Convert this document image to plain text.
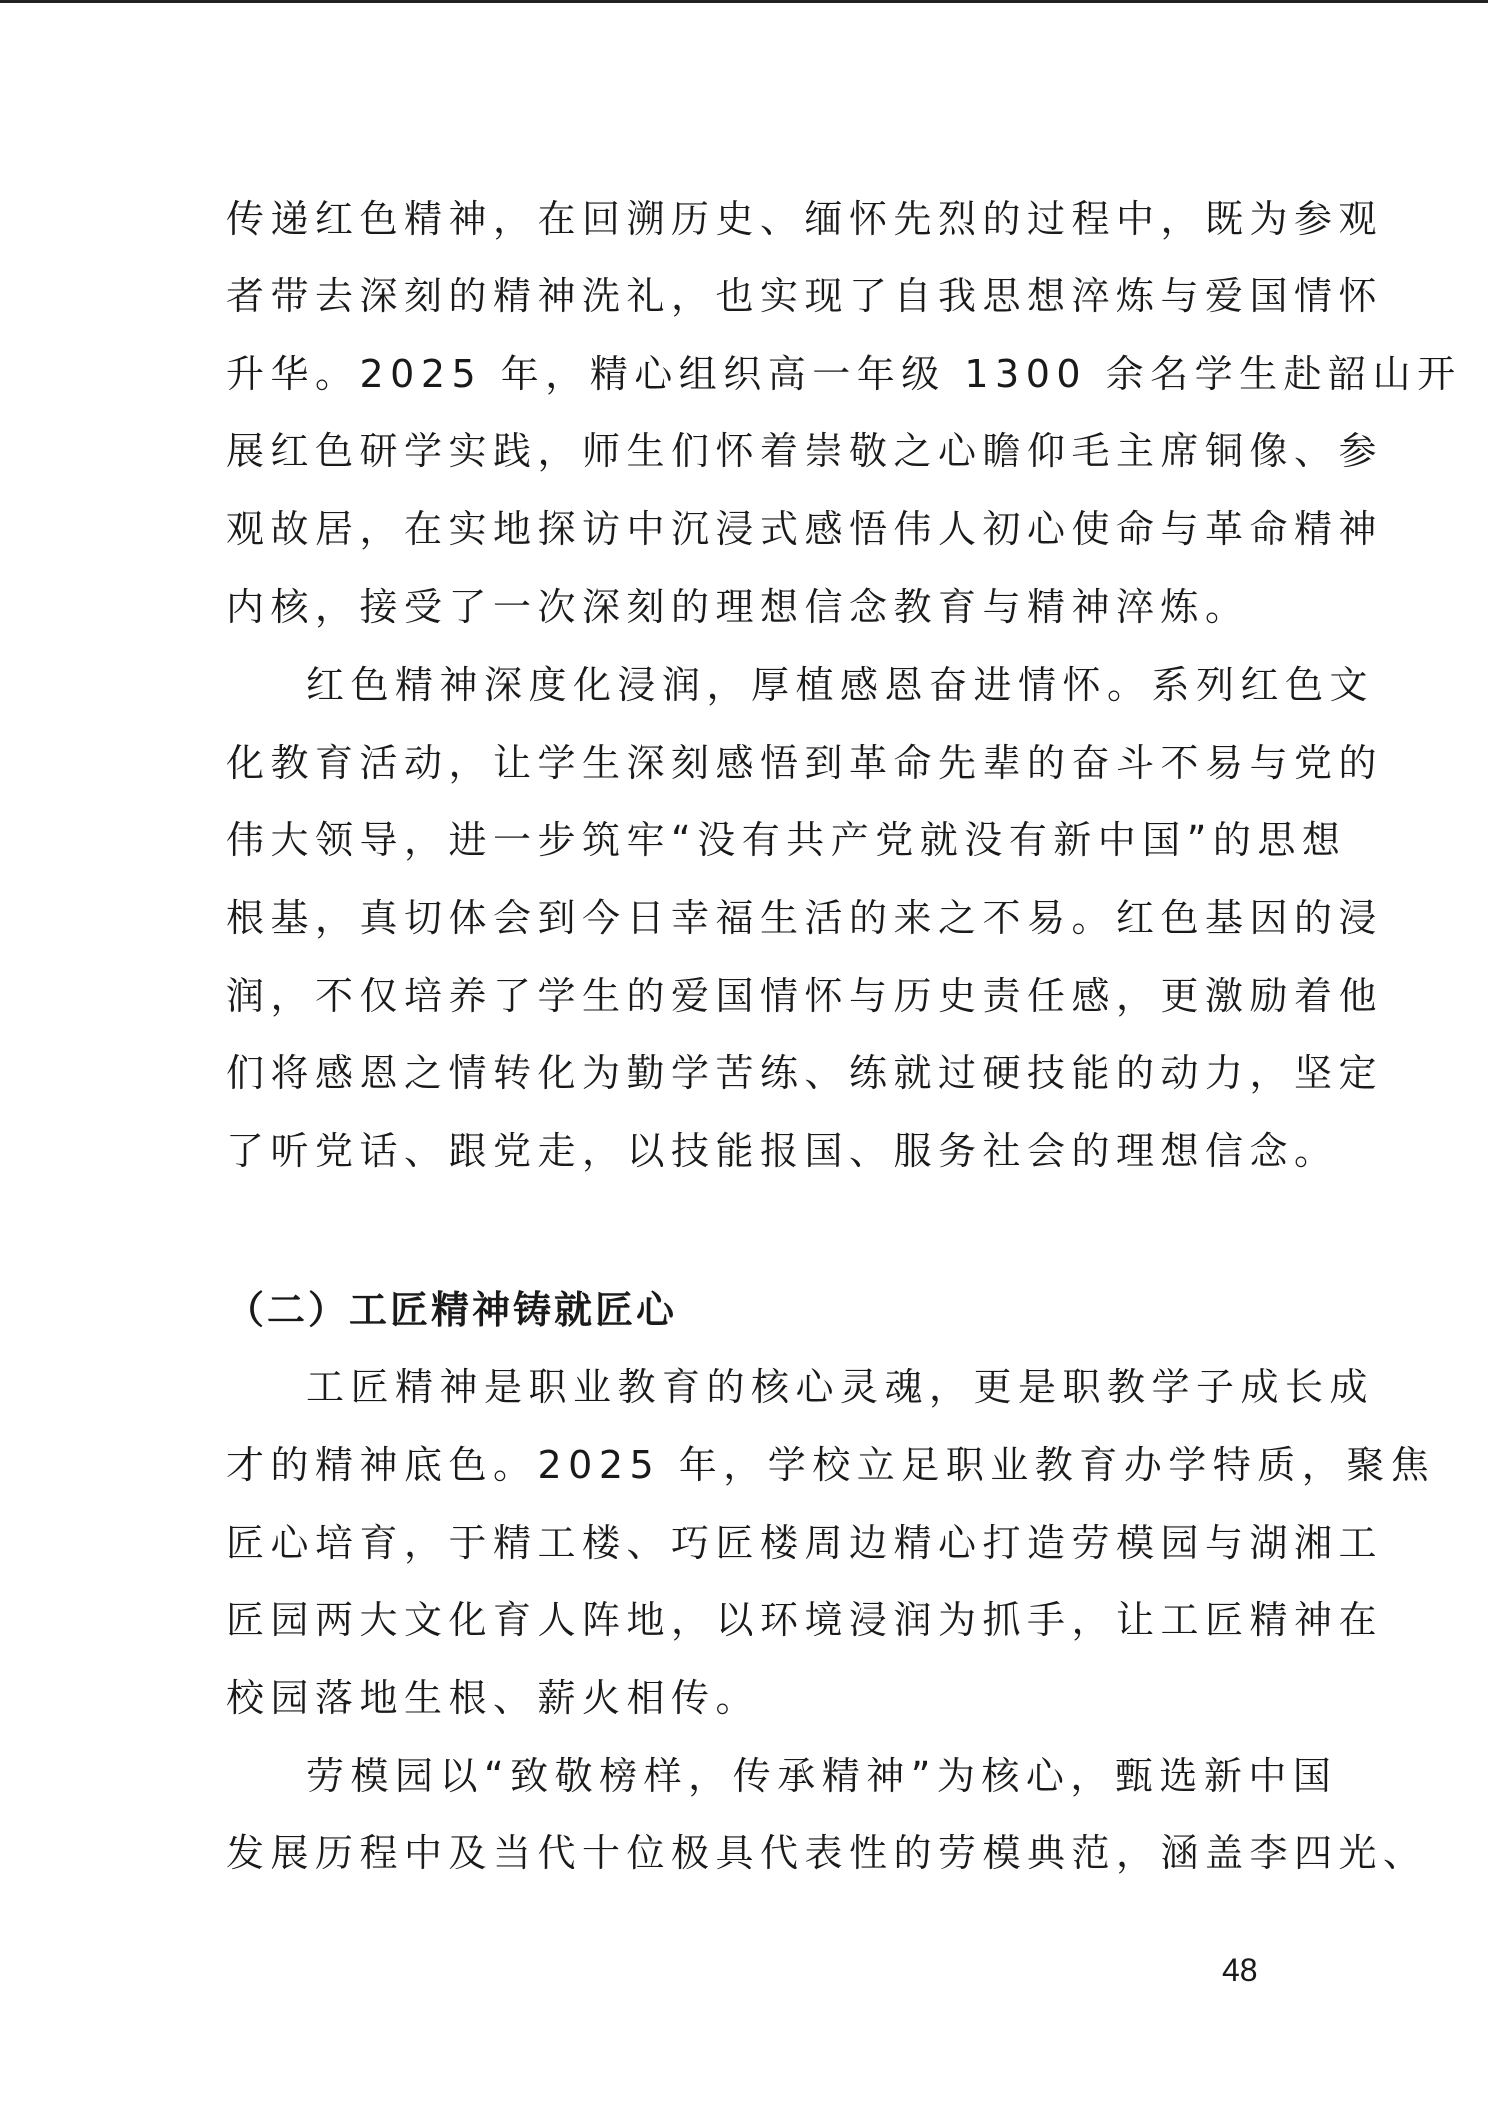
传递红色精神，在回溯历史、缅怀先烈的过程中，既为参观
者带去深刻的精神洗礼，也实现了自我思想淬炼与爱国情怀
升华。2025 年，精心组织高一年级 1300 余名学生赴韶山开
展红色研学实践，师生们怀着崇敬之心瞻仰毛主席铜像、参
观故居，在实地探访中沉浸式感悟伟人初心使命与革命精神
内核，接受了一次深刻的理想信念教育与精神淬炼。
红色精神深度化浸润，厚植感恩奋进情怀。系列红色文
化教育活动，让学生深刻感悟到革命先辈的奋斗不易与党的
伟大领导，进一步筑牢“没有共产党就没有新中国”的思想
根基，真切体会到今日幸福生活的来之不易。红色基因的浸
润，不仅培养了学生的爱国情怀与历史责任感，更激励着他
们将感恩之情转化为勤学苦练、练就过硬技能的动力，坚定
了听党话、跟党走，以技能报国、服务社会的理想信念。
（二）工匠精神铸就匠心
工匠精神是职业教育的核心灵魂，更是职教学子成长成
才的精神底色。2025 年，学校立足职业教育办学特质，聚焦
匠心培育，于精工楼、巧匠楼周边精心打造劳模园与湖湘工
匠园两大文化育人阵地，以环境浸润为抓手，让工匠精神在
校园落地生根、薪火相传。
劳模园以“致敬榜样，传承精神”为核心，甄选新中国
发展历程中及当代十位极具代表性的劳模典范，涵盖李四光、
48
